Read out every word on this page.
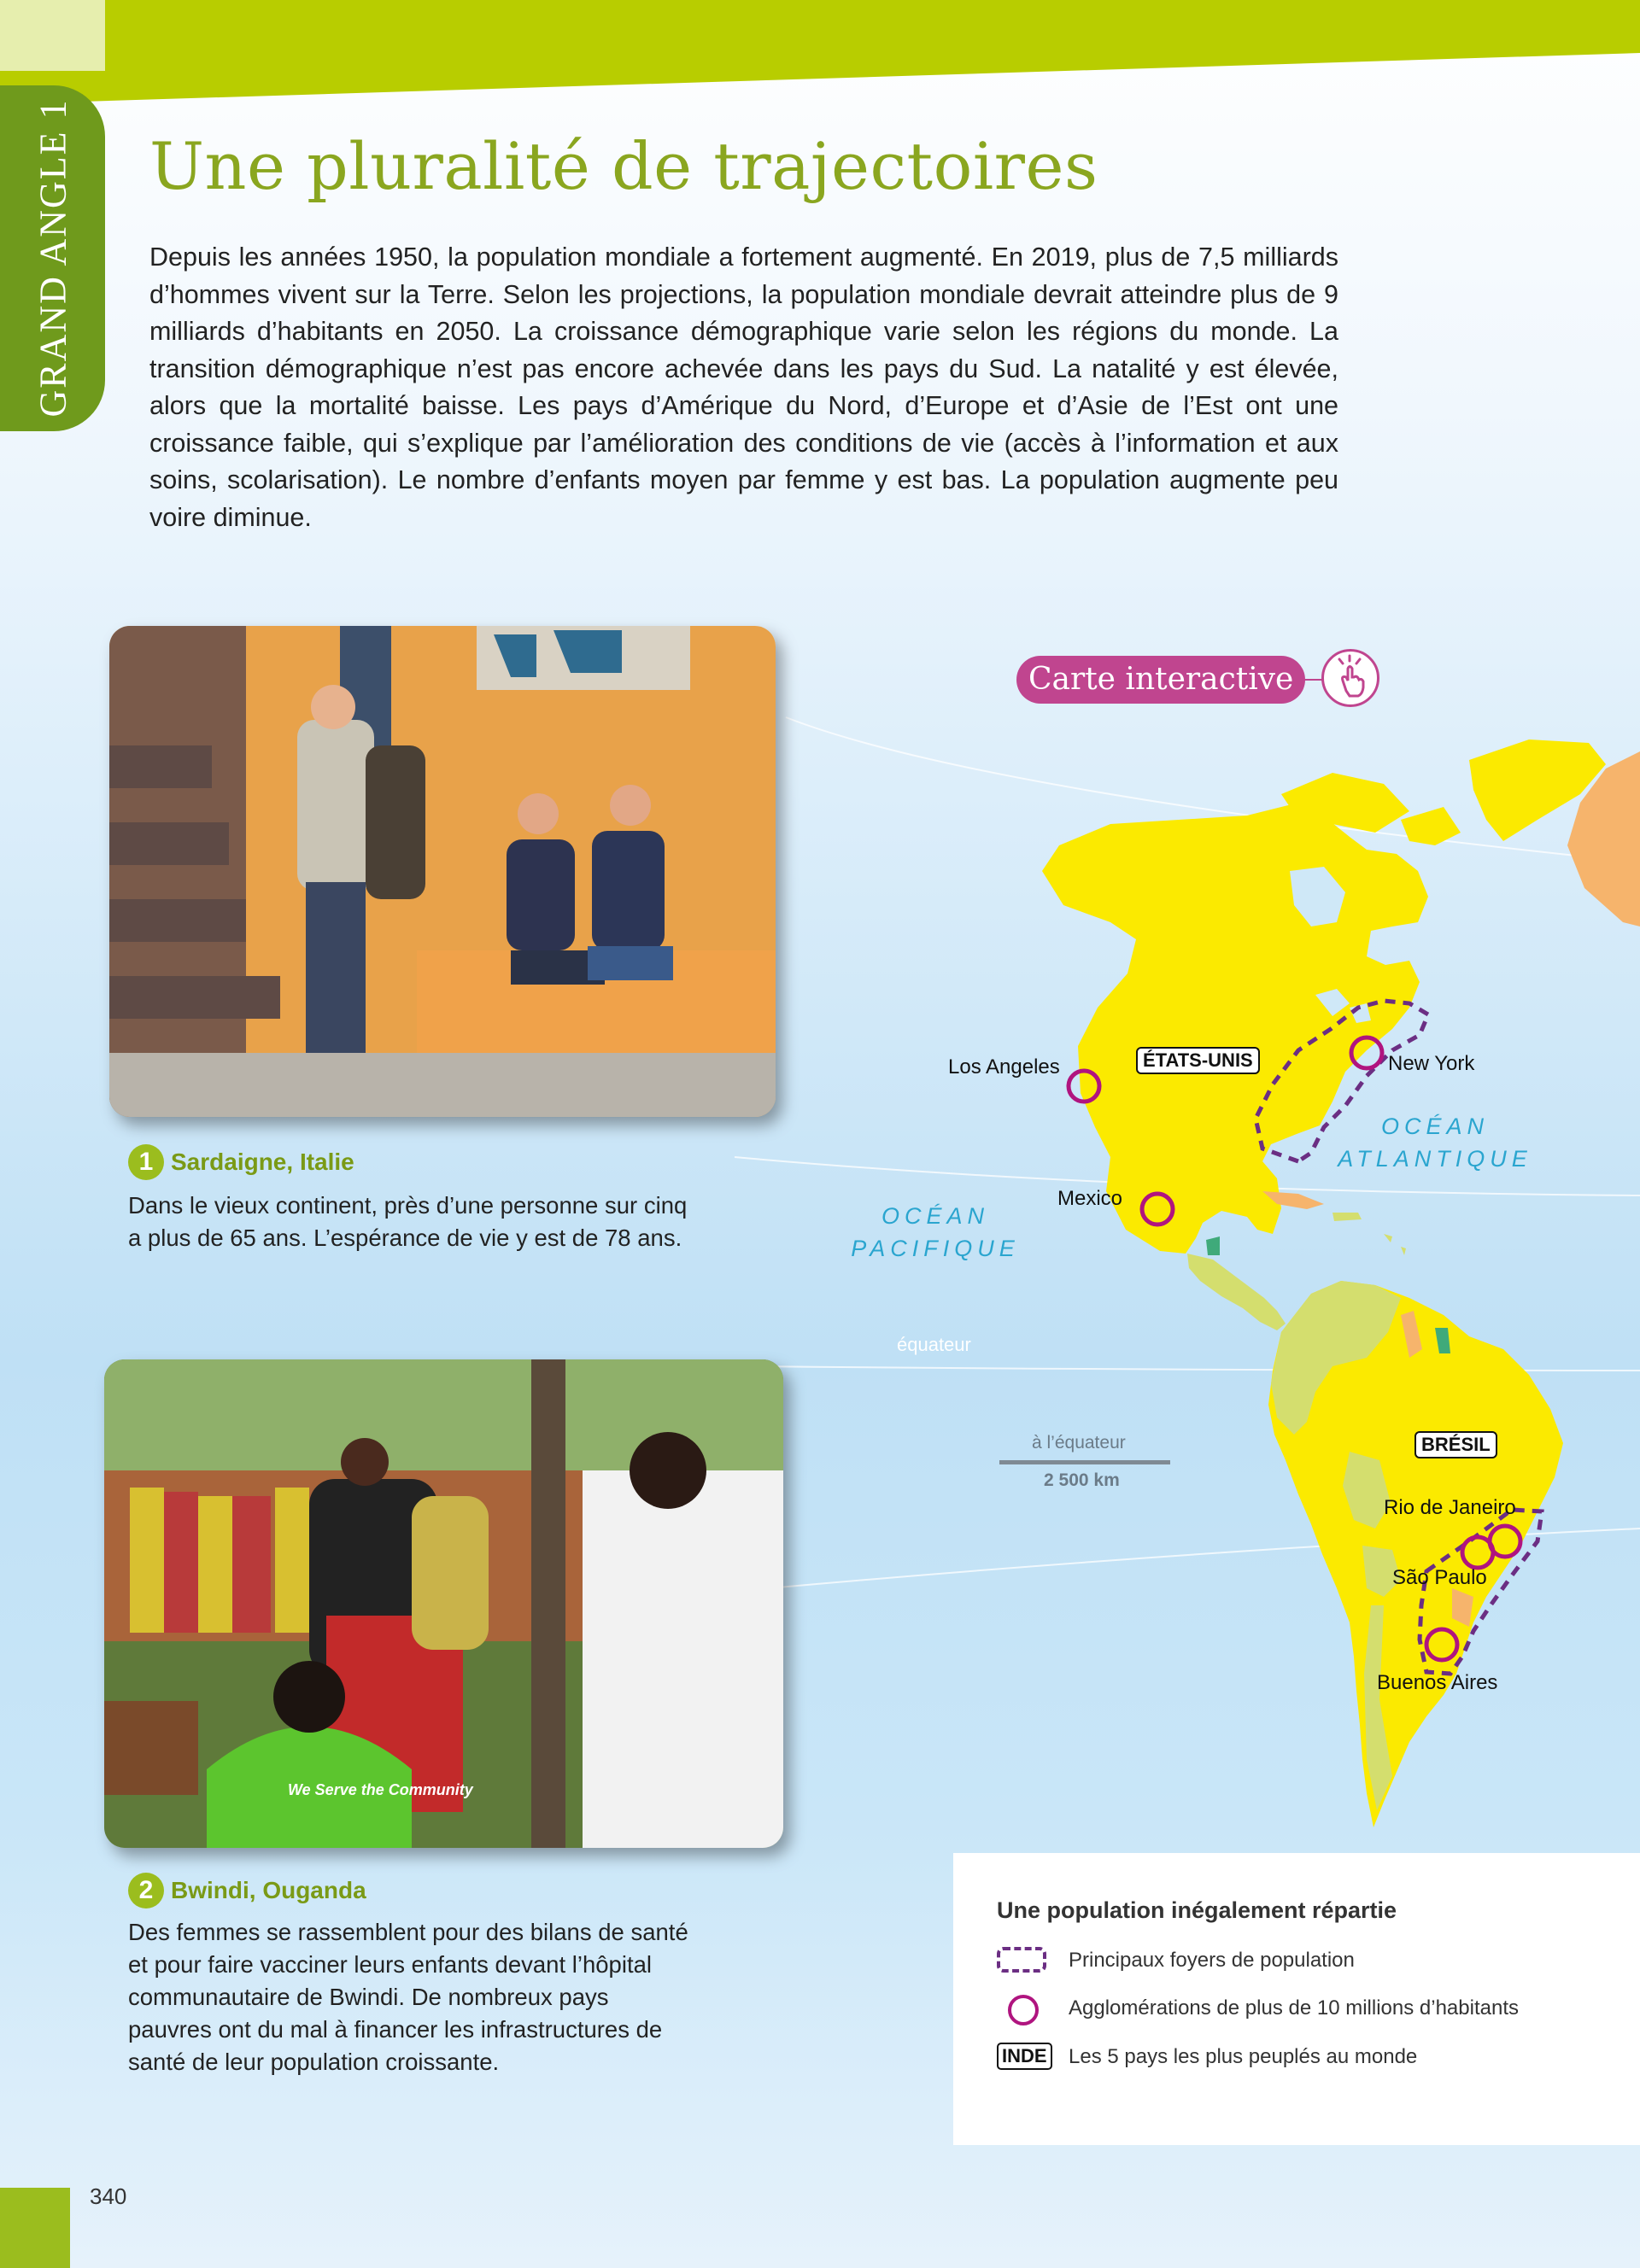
GRAND ANGLE 1 Une pluralité de trajectoires

Depuis les années 1950, la population mondiale a fortement augmenté. En 2019, plus de 7,5 milliards d’hommes vivent sur la Terre. Selon les projections, la population mondiale devrait atteindre plus de 9 milliards d’habitants en 2050. La croissance démographique varie selon les régions du monde. La transition démographique n’est pas encore achevée dans les pays du Sud. La natalité y est élevée, alors que la mortalité baisse. Les pays d’Amérique du Nord, d’Europe et d’Asie de l’Est ont une croissance faible, qui s’explique par l’amélioration des conditions de vie (accès à l’information et aux soins, scolarisation). Le nombre d’enfants moyen par femme y est bas. La population augmente peu voire diminue.

1 Sardaigne, Italie

Dans le vieux continent, près d’une personne sur cinq a plus de 65 ans. L’espérance de vie y est de 78 ans.

We Serve the Community
2 Bwindi, Ouganda

Des femmes se rassemblent pour des bilans de santé et pour faire vacciner leurs enfants devant l’hôpital communautaire de Bwindi. De nombreux pays pauvres ont du mal à financer les infrastructures de santé de leur population croissante.

Carte interactive
Los Angeles	ÉTATS-UNIS	New York
Mexico
BRÉSIL
Rio de Janeiro
São Paulo
Buenos Aires
OCÉAN
ATLANTIQUE
OCÉAN
PACIFIQUE
équateur
à l’équateur
2 500 km
Une population inégalement répartie
Principaux foyers de population
Agglomérations de plus de 10 millions d’habitants
INDE Les 5 pays les plus peuplés au monde
340
